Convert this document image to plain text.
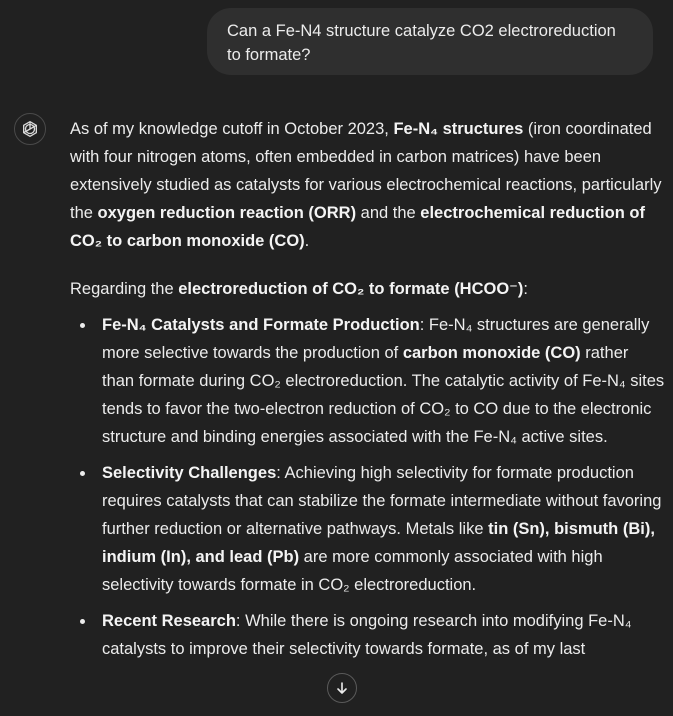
Can a Fe-N4 structure catalyze CO2 electroreduction
to formate?

As of my knowledge cutoff in October 2023, Fe-N₄ structures (iron coordinated with four nitrogen atoms, often embedded in carbon matrices) have been extensively studied as catalysts for various electrochemical reactions, particularly the oxygen reduction reaction (ORR) and the electrochemical reduction of CO₂ to carbon monoxide (CO).

Regarding the electroreduction of CO₂ to formate (HCOO⁻):

Fe-N₄ Catalysts and Formate Production: Fe-N₄ structures are generally more selective towards the production of carbon monoxide (CO) rather than formate during CO₂ electroreduction. The catalytic activity of Fe-N₄ sites tends to favor the two-electron reduction of CO₂ to CO due to the electronic structure and binding energies associated with the Fe-N₄ active sites.
Selectivity Challenges: Achieving high selectivity for formate production requires catalysts that can stabilize the formate intermediate without favoring further reduction or alternative pathways. Metals like tin (Sn), bismuth (Bi), indium (In), and lead (Pb) are more commonly associated with high selectivity towards formate in CO₂ electroreduction.
Recent Research: While there is ongoing research into modifying Fe-N₄ catalysts to improve their selectivity towards formate, as of my last
